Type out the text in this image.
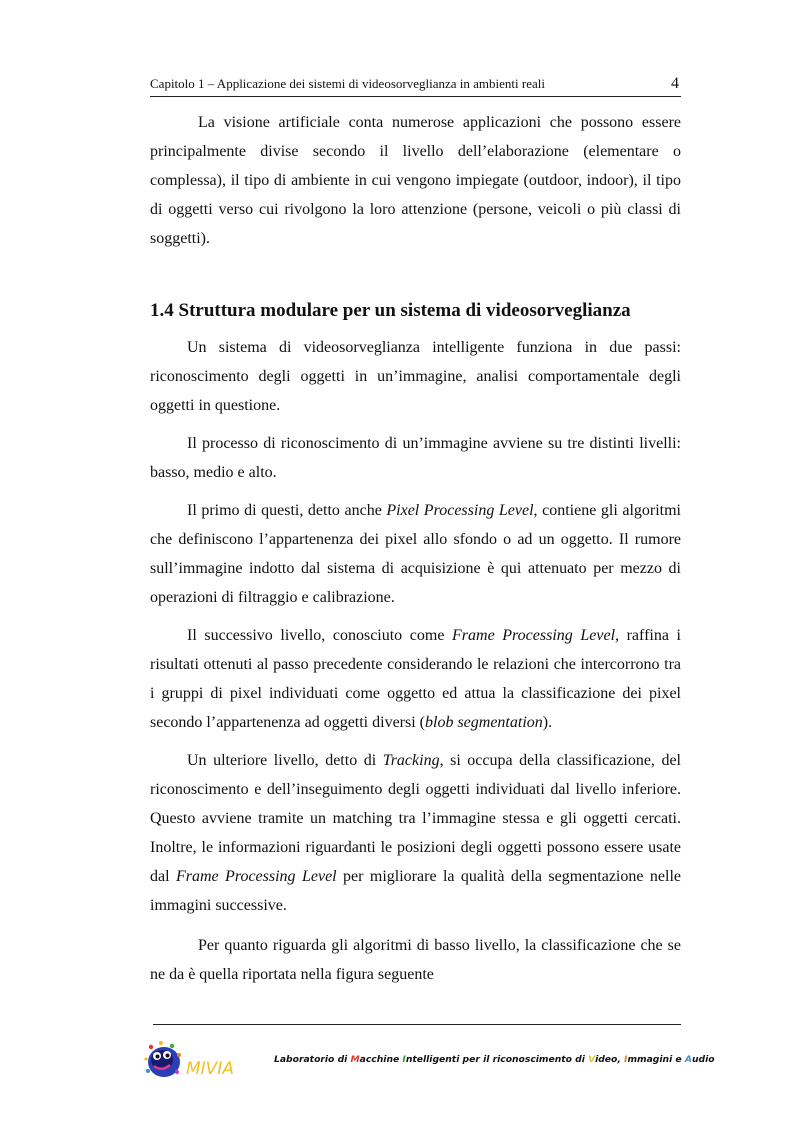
Capitolo 1 – Applicazione dei sistemi di videosorveglianza in ambienti reali	4

La visione artificiale conta numerose applicazioni che possono essere principalmente divise secondo il livello dell’elaborazione (elementare o complessa), il tipo di ambiente in cui vengono impiegate (outdoor, indoor), il tipo di oggetti verso cui rivolgono la loro attenzione (persone, veicoli o più classi di soggetti).

1.4 Struttura modulare per un sistema di videosorveglianza

Un sistema di videosorveglianza intelligente funziona in due passi: riconoscimento degli oggetti in un’immagine, analisi comportamentale degli oggetti in questione.

Il processo di riconoscimento di un’immagine avviene su tre distinti livelli: basso, medio e alto.

Il primo di questi, detto anche Pixel Processing Level, contiene gli algoritmi che definiscono l’appartenenza dei pixel allo sfondo o ad un oggetto. Il rumore sull’immagine indotto dal sistema di acquisizione è qui attenuato per mezzo di operazioni di filtraggio e calibrazione.

Il successivo livello, conosciuto come Frame Processing Level, raffina i risultati ottenuti al passo precedente considerando le relazioni che intercorrono tra i gruppi di pixel individuati come oggetto ed attua la classificazione dei pixel secondo l’appartenenza ad oggetti diversi (blob segmentation).

Un ulteriore livello, detto di Tracking, si occupa della classificazione, del riconoscimento e dell’inseguimento degli oggetti individuati dal livello inferiore. Questo avviene tramite un matching tra l’immagine stessa e gli oggetti cercati. Inoltre, le informazioni riguardanti le posizioni degli oggetti possono essere usate dal Frame Processing Level per migliorare la qualità della segmentazione nelle immagini successive.

Per quanto riguarda gli algoritmi di basso livello, la classificazione che se ne da è quella riportata nella figura seguente

MIVIA	Laboratorio di Macchine Intelligenti per il riconoscimento di Video, Immagini e Audio
